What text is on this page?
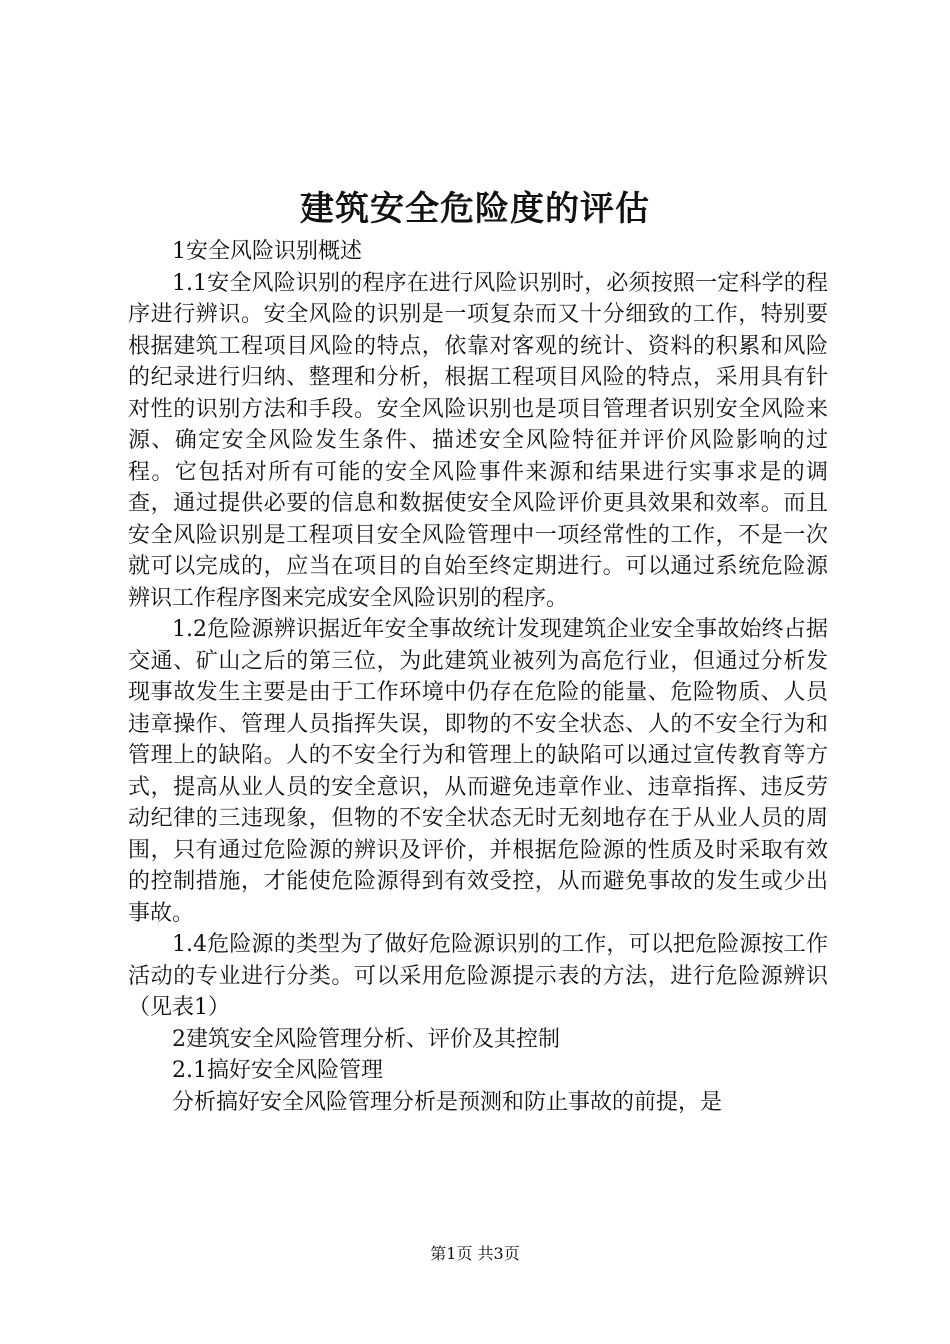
建筑安全危险度的评估

1安全风险识别概述

1.1安全风险识别的程序在进行风险识别时，必须按照一定科学的程序进行辨识。安全风险的识别是一项复杂而又十分细致的工作，特别要根据建筑工程项目风险的特点，依靠对客观的统计、资料的积累和风险的纪录进行归纳、整理和分析，根据工程项目风险的特点，采用具有针对性的识别方法和手段。安全风险识别也是项目管理者识别安全风险来源、确定安全风险发生条件、描述安全风险特征并评价风险影响的过程。它包括对所有可能的安全风险事件来源和结果进行实事求是的调查，通过提供必要的信息和数据使安全风险评价更具效果和效率。而且安全风险识别是工程项目安全风险管理中一项经常性的工作，不是一次就可以完成的，应当在项目的自始至终定期进行。可以通过系统危险源辨识工作程序图来完成安全风险识别的程序。

1.2危险源辨识据近年安全事故统计发现建筑企业安全事故始终占据交通、矿山之后的第三位，为此建筑业被列为高危行业，但通过分析发现事故发生主要是由于工作环境中仍存在危险的能量、危险物质、人员违章操作、管理人员指挥失误，即物的不安全状态、人的不安全行为和管理上的缺陷。人的不安全行为和管理上的缺陷可以通过宣传教育等方式，提高从业人员的安全意识，从而避免违章作业、违章指挥、违反劳动纪律的三违现象，但物的不安全状态无时无刻地存在于从业人员的周围，只有通过危险源的辨识及评价，并根据危险源的性质及时采取有效的控制措施，才能使危险源得到有效受控，从而避免事故的发生或少出事故。

1.4危险源的类型为了做好危险源识别的工作，可以把危险源按工作活动的专业进行分类。可以采用危险源提示表的方法，进行危险源辨识（见表1）

2建筑安全风险管理分析、评价及其控制

2.1搞好安全风险管理

分析搞好安全风险管理分析是预测和防止事故的前提，是

第1页 共3页
